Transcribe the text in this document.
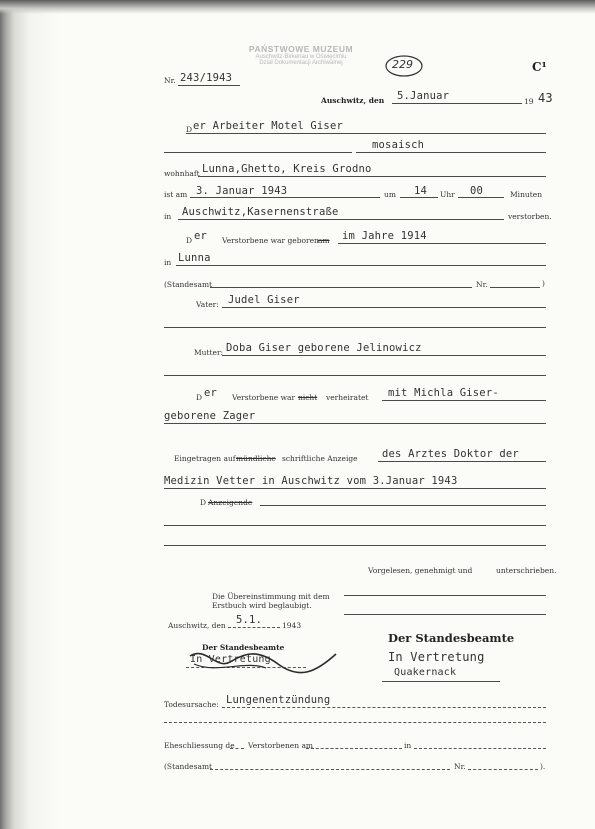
PAŃSTWOWE MUZEUM
Auschwitz-Birkenau w Oświęcimiu
Dział Dokumentacji Archiwalnej	229	C¹
Nr. 243/1943
Auschwitz, den 5.Januar	19 43
D er Arbeiter Motel Giser
mosaisch
wohnhaft Lunna,Ghetto, Kreis Grodno
ist am 3. Januar 1943	um 14 Uhr 00	Minuten
in Auschwitz,Kasernenstraße	verstorben.
D er Verstorbene war geboren am im Jahre 1914
in Lunna
(Standesamt	Nr.	)
Vater: Judel Giser
Mutter: Doba Giser geborene Jelinowicz
D er Verstorbene war nicht verheiratet mit Michla Giser-
geborene Zager
Eingetragen auf mündliche schriftliche Anzeige des Arztes Doktor der
Medizin Vetter in Auschwitz vom 3.Januar 1943
D Anzeigende
Vorgelesen, genehmigt und	unterschrieben.
Die Übereinstimmung mit dem
Erstbuch wird beglaubigt.
Auschwitz, den 5.1.	1943
Der Standesbeamte
In Vertretung
Der Standesbeamte
In Vertretung
Quakernack
Todesursache: Lungenentzündung
Eheschliessung de Verstorbenen am	in
(Standesamt	Nr.	).
